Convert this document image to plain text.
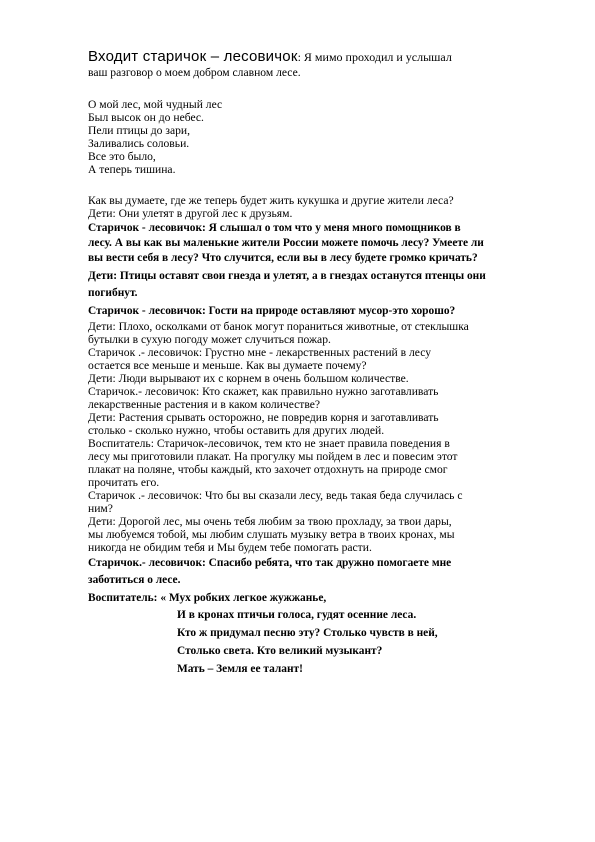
Входит старичок – лесовичок: Я мимо проходил и услышал
ваш разговор о моем добром славном лесе.
О мой лес, мой чудный лес
Был высок он до небес.
Пели птицы до зари,
Заливались соловьи.
Все это было,
А теперь тишина.
Как вы думаете, где же теперь будет жить кукушка и другие жители леса?
Дети: Они улетят в другой лес к друзьям.
Старичок - лесовичок: Я слышал о том что у меня много помощников в
лесу. А вы как вы маленькие жители России можете помочь лесу? Умеете ли
вы вести себя в лесу? Что случится, если вы в лесу будете громко кричать?
Дети: Птицы оставят свои гнезда и улетят, а в гнездах останутся птенцы они
погибнут.
Старичок - лесовичок: Гости на природе оставляют мусор-это хорошо?
Дети: Плохо, осколками от банок могут пораниться животные, от стеклышка
бутылки в сухую погоду может случиться пожар.
Старичок .- лесовичок: Грустно мне - лекарственных растений в лесу
остается все меньше и меньше. Как вы думаете почему?
Дети: Люди вырывают их с корнем в очень большом количестве.
Старичок.- лесовичок: Кто скажет, как правильно нужно заготавливать
лекарственные растения и в каком количестве?
Дети: Растения срывать осторожно, не повредив корня и заготавливать
столько - сколько нужно, чтобы оставить для других людей.
Воспитатель: Старичок-лесовичок, тем кто не знает правила поведения в
лесу мы приготовили плакат. На прогулку мы пойдем в лес и повесим этот
плакат на поляне, чтобы каждый, кто захочет отдохнуть на природе смог
прочитать его.
Старичок .- лесовичок: Что бы вы сказали лесу, ведь такая беда случилась с
ним?
Дети: Дорогой лес, мы очень тебя любим за твою прохладу, за твои дары,
мы любуемся тобой, мы любим слушать музыку ветра в твоих кронах, мы
никогда не обидим тебя и Мы будем тебе помогать расти.
Старичок.- лесовичок: Спасибо ребята, что так дружно помогаете мне
заботиться о лесе.
Воспитатель: « Мух робких легкое жужжанье,
И в кронах птичьи голоса, гудят осенние леса.
Кто ж придумал песню эту? Столько чувств в ней,
Столько света. Кто великий музыкант?
Мать – Земля ее талант!
